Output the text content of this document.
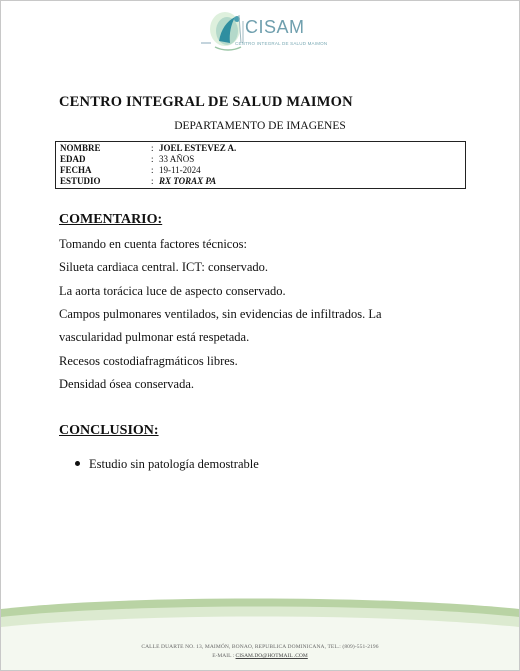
CISAM
CENTRO INTEGRAL DE SALUD MAIMON
CENTRO INTEGRAL DE SALUD MAIMON
DEPARTAMENTO DE IMAGENES
NOMBRE	: JOEL ESTEVEZ A.
EDAD	: 33 AÑOS
FECHA	: 19-11-2024
ESTUDIO	: RX TORAX PA
COMENTARIO:
Tomando en cuenta factores técnicos:
Silueta cardiaca central. ICT: conservado.
La aorta torácica luce de aspecto conservado.
Campos pulmonares ventilados, sin evidencias de infiltrados. La
vascularidad pulmonar está respetada.
Recesos costodiafragmáticos libres.
Densidad ósea conservada.
CONCLUSION:
Estudio sin patología demostrable
CALLE DUARTE NO. 13, MAIMÓN, BONAO, REPUBLICA DOMINICANA, TEL.: (809)-551-2196
E-MAIL : CISAM.DO@HOTMAIL .COM
